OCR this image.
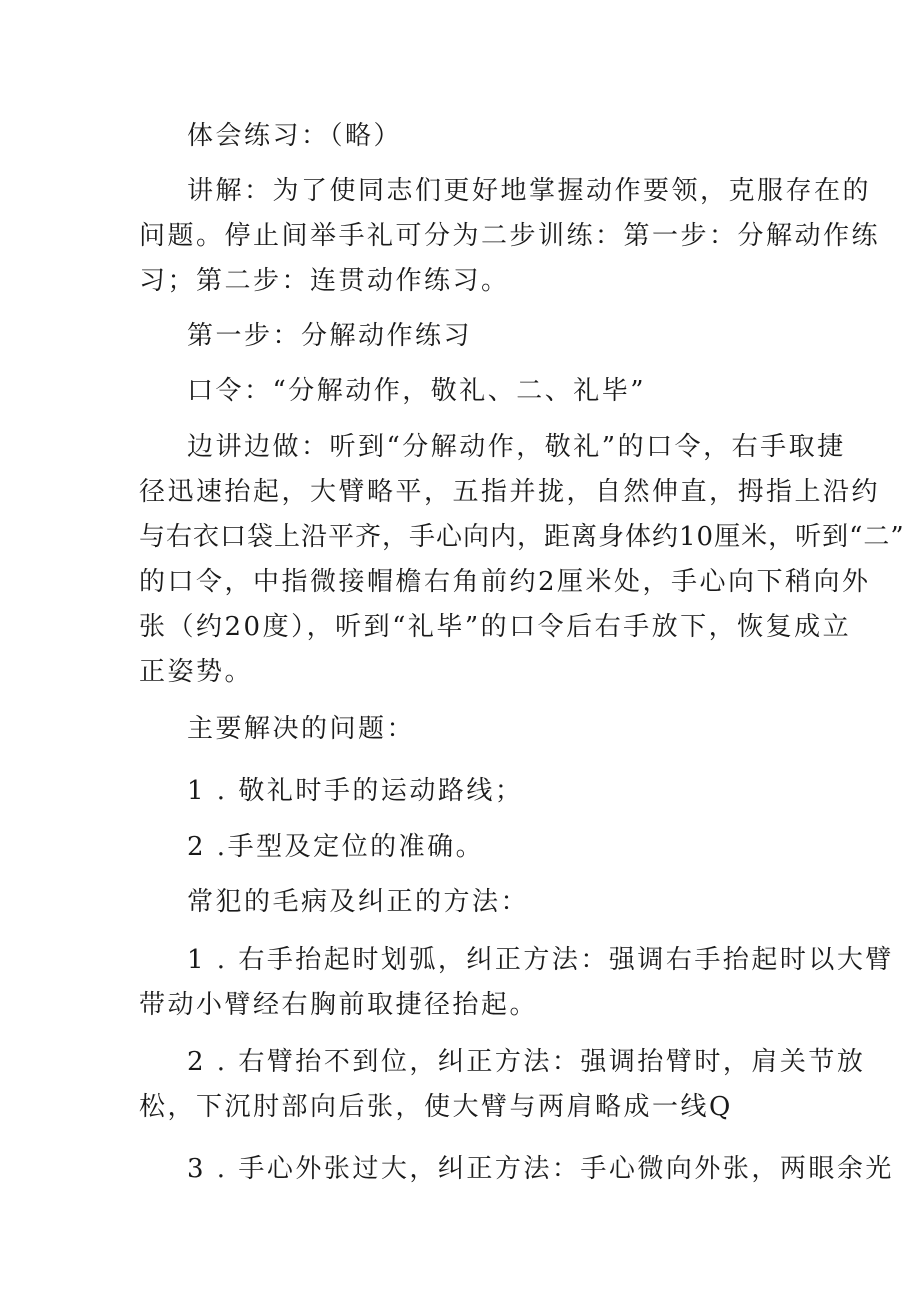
体会练习：（略）
讲解：为了使同志们更好地掌握动作要领，克服存在的
问题。停止间举手礼可分为二步训练：第一步：分解动作练
习；第二步：连贯动作练习。
第一步：分解动作练习
口令：“分解动作，敬礼、二、礼毕”
边讲边做：听到“分解动作，敬礼”的口令，右手取捷
径迅速抬起，大臂略平，五指并拢，自然伸直，拇指上沿约
与右衣口袋上沿平齐，手心向内，距离身体约10厘米，听到“二”
的口令，中指微接帽檐右角前约2厘米处，手心向下稍向外
张（约20度），听到“礼毕”的口令后右手放下，恢复成立
正姿势。
主要解决的问题：
1 . 敬礼时手的运动路线；
2 .手型及定位的准确。
常犯的毛病及纠正的方法：
1 . 右手抬起时划弧，纠正方法：强调右手抬起时以大臂
带动小臂经右胸前取捷径抬起。
2 . 右臂抬不到位，纠正方法：强调抬臂时，肩关节放
松，下沉肘部向后张，使大臂与两肩略成一线Q
3 . 手心外张过大，纠正方法：手心微向外张，两眼余光
